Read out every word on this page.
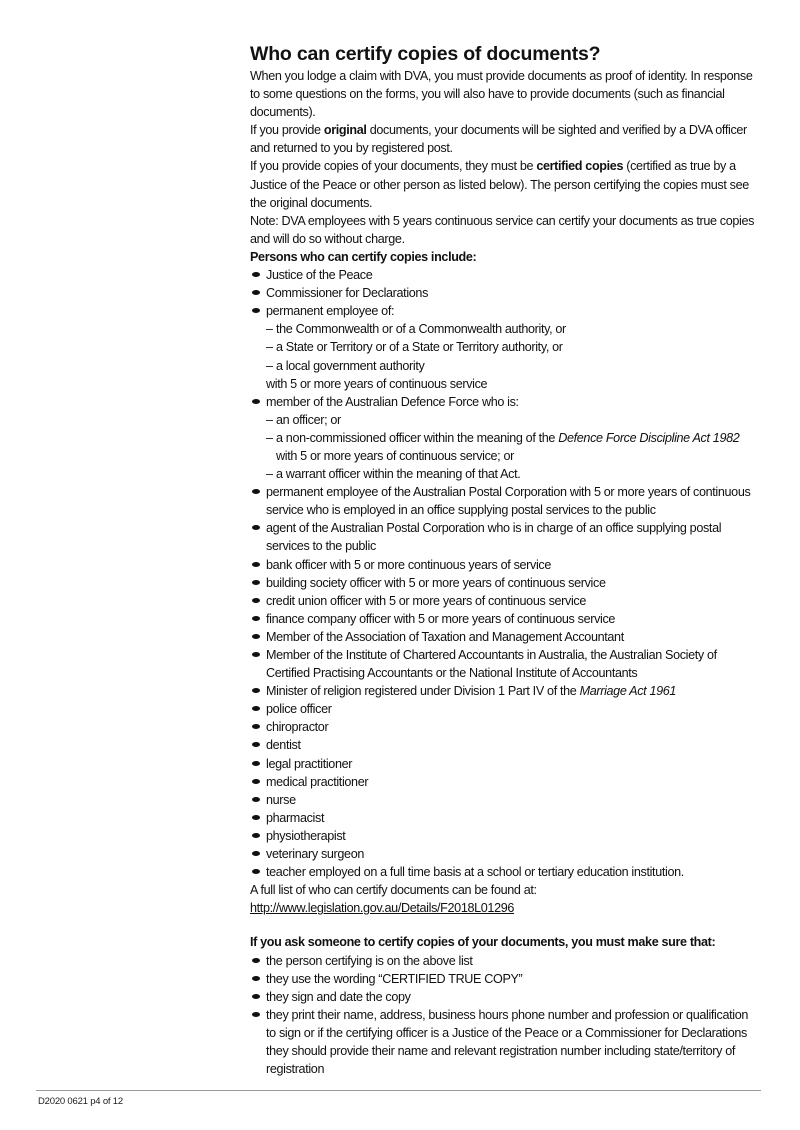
Who can certify copies of documents?

When you lodge a claim with DVA, you must provide documents as proof of identity. In response to some questions on the forms, you will also have to provide documents (such as financial documents).

If you provide original documents, your documents will be sighted and verified by a DVA officer and returned to you by registered post.

If you provide copies of your documents, they must be certified copies (certified as true by a Justice of the Peace or other person as listed below). The person certifying the copies must see the original documents.

Note: DVA employees with 5 years continuous service can certify your documents as true copies and will do so without charge.

Persons who can certify copies include:

Justice of the Peace
Commissioner for Declarations
permanent employee of:
– the Commonwealth or of a Commonwealth authority, or
– a State or Territory or of a State or Territory authority, or
– a local government authority
with 5 or more years of continuous service
member of the Australian Defence Force who is:
– an officer; or
– a non-commissioned officer within the meaning of the Defence Force Discipline Act 1982 with 5 or more years of continuous service; or
– a warrant officer within the meaning of that Act.
permanent employee of the Australian Postal Corporation with 5 or more years of continuous service who is employed in an office supplying postal services to the public
agent of the Australian Postal Corporation who is in charge of an office supplying postal services to the public
bank officer with 5 or more continuous years of service
building society officer with 5 or more years of continuous service
credit union officer with 5 or more years of continuous service
finance company officer with 5 or more years of continuous service
Member of the Association of Taxation and Management Accountant
Member of the Institute of Chartered Accountants in Australia, the Australian Society of Certified Practising Accountants or the National Institute of Accountants
Minister of religion registered under Division 1 Part IV of the Marriage Act 1961
police officer
chiropractor
dentist
legal practitioner
medical practitioner
nurse
pharmacist
physiotherapist
veterinary surgeon
teacher employed on a full time basis at a school or tertiary education institution.

A full list of who can certify documents can be found at:

http://www.legislation.gov.au/Details/F2018L01296

If you ask someone to certify copies of your documents, you must make sure that:

the person certifying is on the above list
they use the wording “CERTIFIED TRUE COPY”
they sign and date the copy
they print their name, address, business hours phone number and profession or qualification to sign or if the certifying officer is a Justice of the Peace or a Commissioner for Declarations they should provide their name and relevant registration number including state/territory of registration
D2020 0621 p4 of 12
